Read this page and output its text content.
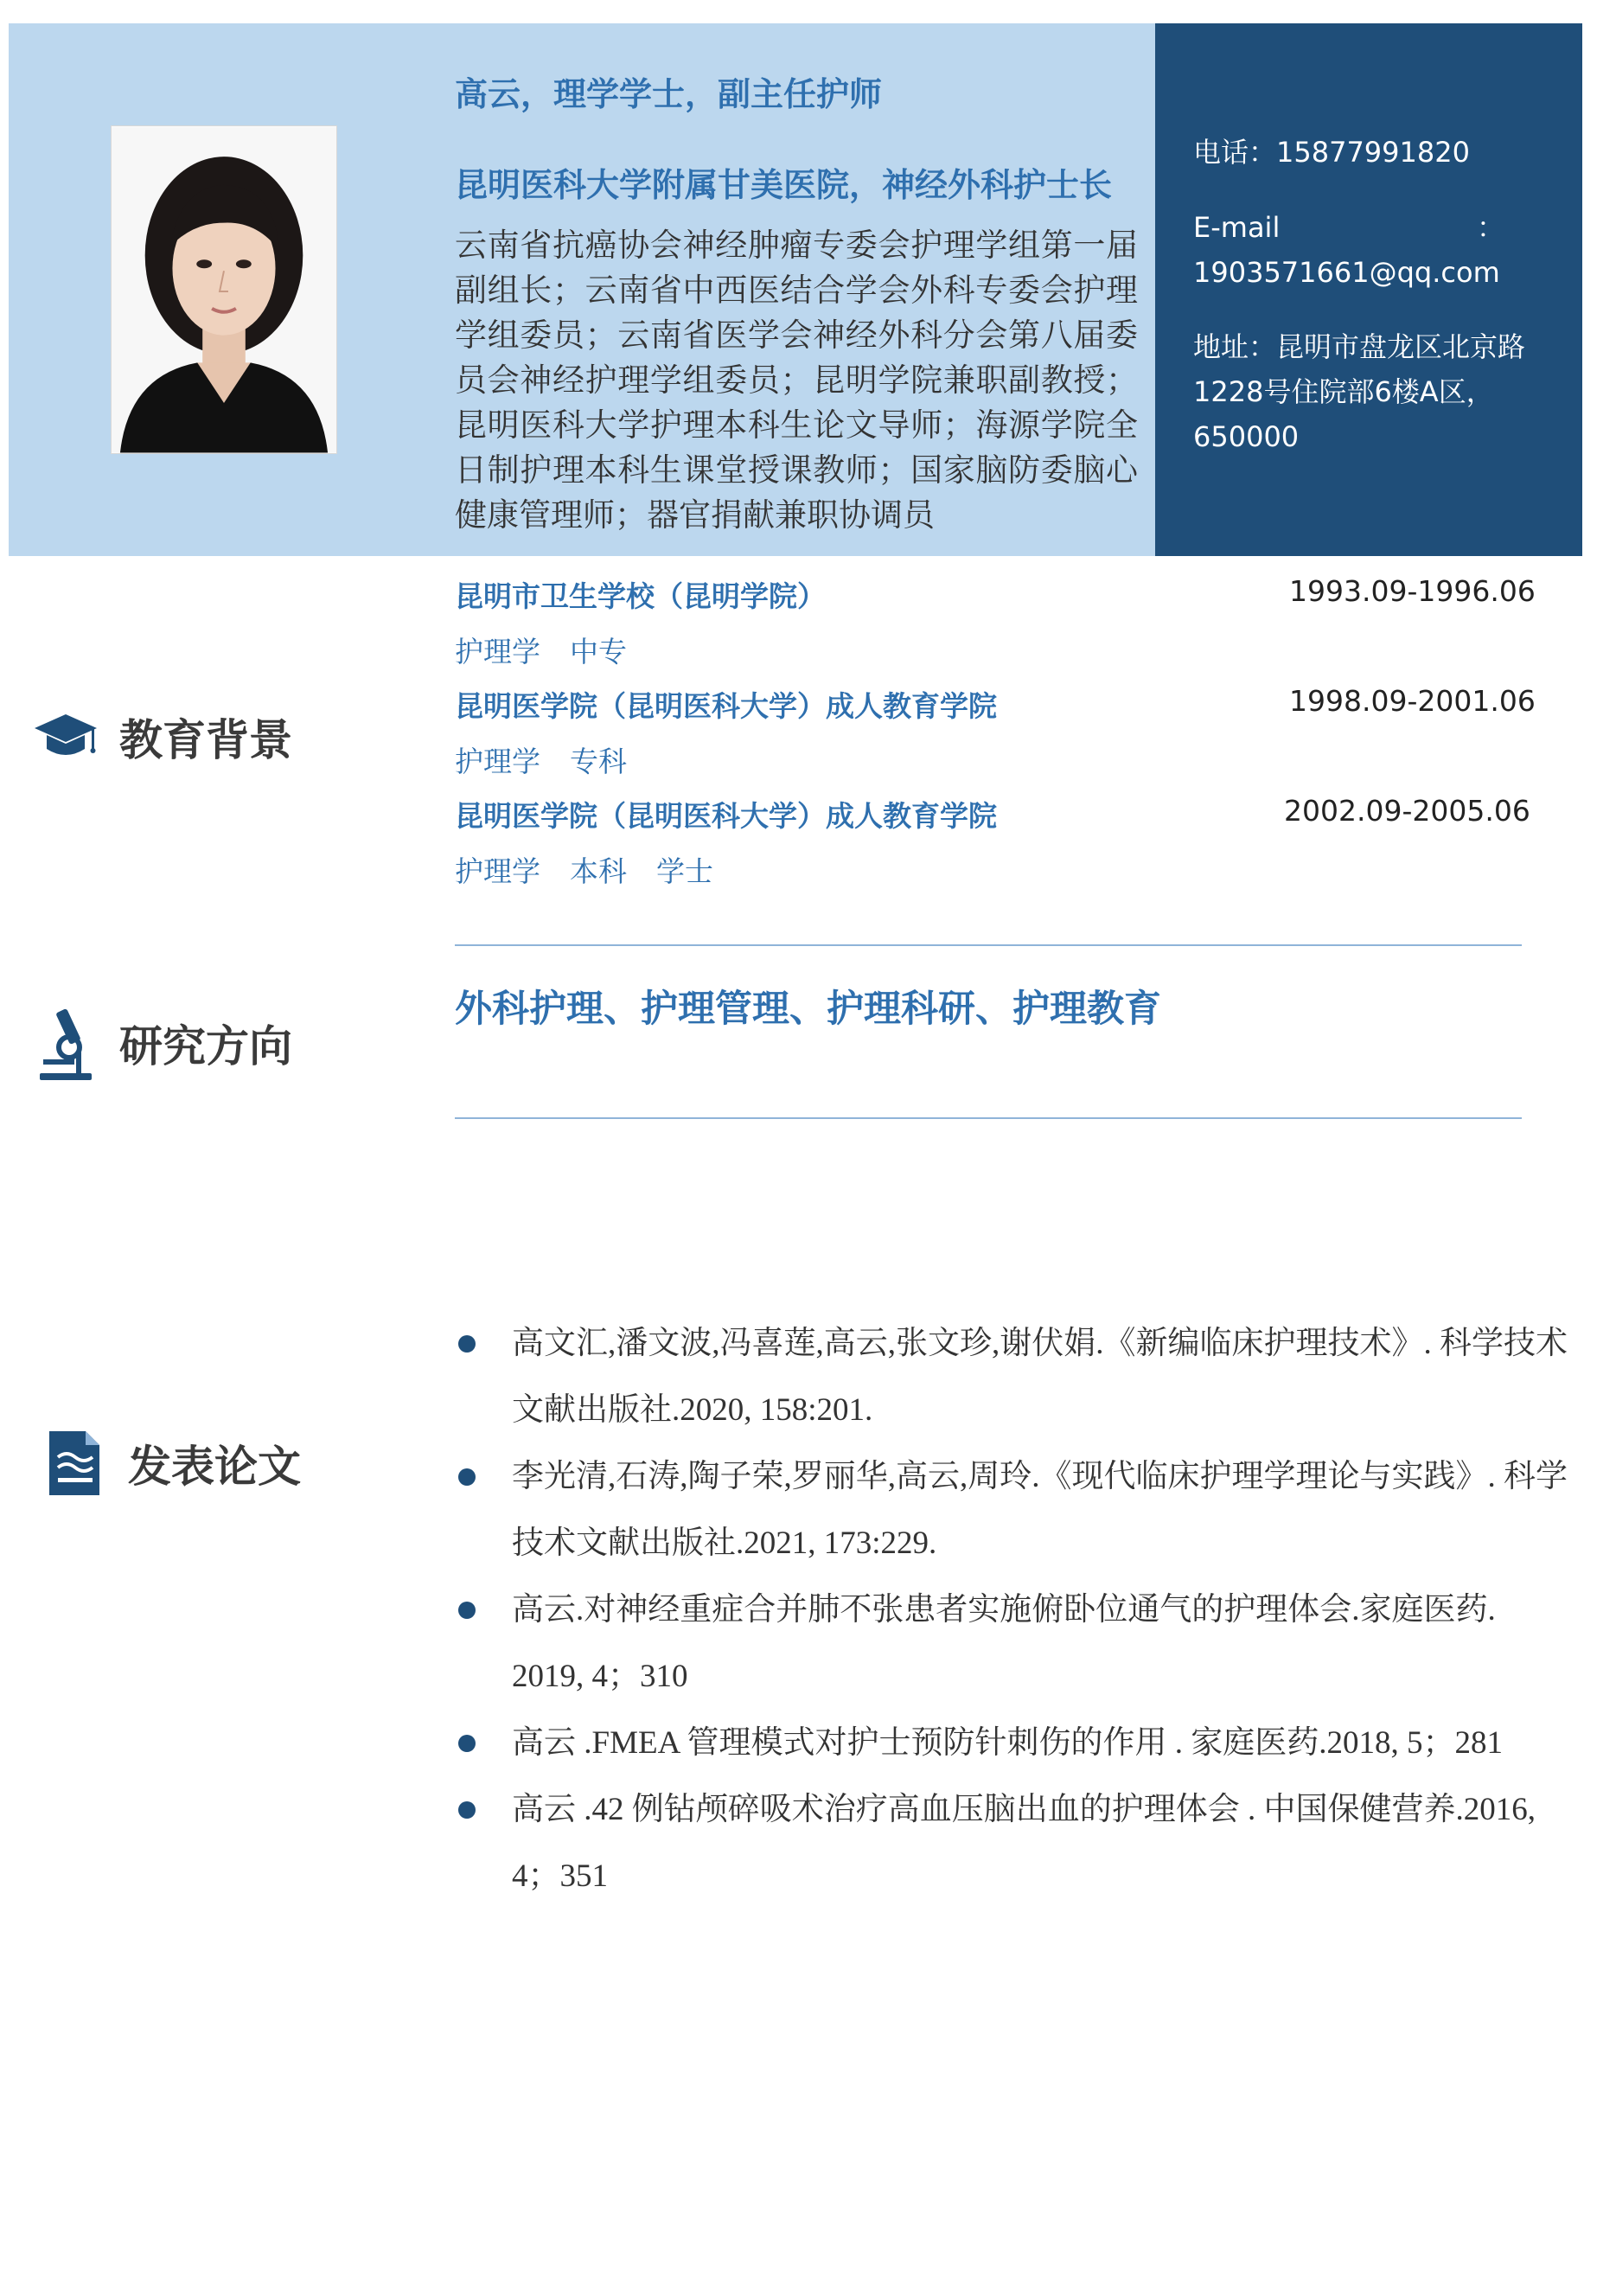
高云，理学学士，副主任护师
昆明医科大学附属甘美医院，神经外科护士长
云南省抗癌协会神经肿瘤专委会护理学组第一届副组长；云南省中西医结合学会外科专委会护理学组委员；云南省医学会神经外科分会第八届委员会神经护理学组委员；昆明学院兼职副教授；昆明医科大学护理本科生论文导师；海源学院全日制护理本科生课堂授课教师；国家脑防委脑心健康管理师；器官捐献兼职协调员
电话：15877991820
E-mail	：
1903571661@qq.com
地址：昆明市盘龙区北京路1228号住院部6楼A区，650000
教育背景
昆明市卫生学校（昆明学院）	1993.09-1996.06
护理学 中专
昆明医学院（昆明医科大学）成人教育学院	1998.09-2001.06
护理学 专科
昆明医学院（昆明医科大学）成人教育学院	2002.09-2005.06
护理学 本科 学士
研究方向
外科护理、护理管理、护理科研、护理教育
发表论文
高文汇,潘文波,冯喜莲,高云,张文珍,谢伏娟.《新编临床护理技术》. 科学技术文献出版社.2020, 158:201.
李光清,石涛,陶子荣,罗丽华,高云,周玲.《现代临床护理学理论与实践》. 科学技术文献出版社.2021, 173:229.
高云.对神经重症合并肺不张患者实施俯卧位通气的护理体会.家庭医药. 2019, 4；310
高云 .FMEA 管理模式对护士预防针刺伤的作用 . 家庭医药.2018, 5；281
高云 .42 例钻颅碎吸术治疗高血压脑出血的护理体会 . 中国保健营养.2016, 4；351
